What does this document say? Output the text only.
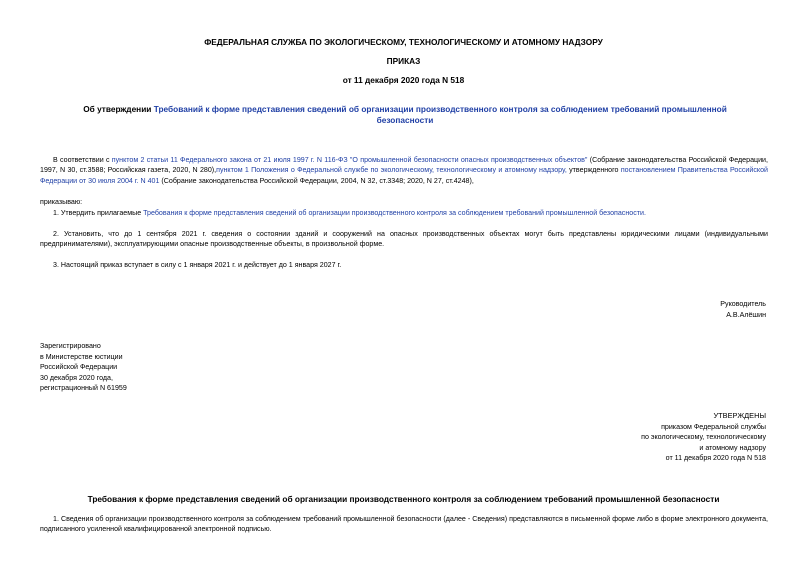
ФЕДЕРАЛЬНАЯ СЛУЖБА ПО ЭКОЛОГИЧЕСКОМУ, ТЕХНОЛОГИЧЕСКОМУ И АТОМНОМУ НАДЗОРУ
ПРИКАЗ
от 11 декабря 2020 года N 518
Об утверждении Требований к форме представления сведений об организации производственного контроля за соблюдением требований промышленной безопасности
В соответствии с пунктом 2 статьи 11 Федерального закона от 21 июля 1997 г. N 116-ФЗ "О промышленной безопасности опасных производственных объектов" (Собрание законодательства Российской Федерации, 1997, N 30, ст.3588; Российская газета, 2020, N 280),пунктом 1 Положения о Федеральной службе по экологическому, технологическому и атомному надзору, утвержденного постановлением Правительства Российской Федерации от 30 июля 2004 г. N 401 (Собрание законодательства Российской Федерации, 2004, N 32, ст.3348; 2020, N 27, ст.4248),
приказываю:
1. Утвердить прилагаемые Требования к форме представления сведений об организации производственного контроля за соблюдением требований промышленной безопасности.
2. Установить, что до 1 сентября 2021 г. сведения о состоянии зданий и сооружений на опасных производственных объектах могут быть представлены юридическими лицами (индивидуальными предпринимателями), эксплуатирующими опасные производственные объекты, в произвольной форме.
3. Настоящий приказ вступает в силу с 1 января 2021 г. и действует до 1 января 2027 г.
Руководитель
А.В.Алёшин
Зарегистрировано
в Министерстве юстиции
Российской Федерации
30 декабря 2020 года,
регистрационный N 61959
УТВЕРЖДЕНЫ
приказом Федеральной службы
по экологическому, технологическому
и атомному надзору
от 11 декабря 2020 года N 518
Требования к форме представления сведений об организации производственного контроля за соблюдением требований промышленной безопасности
1. Сведения об организации производственного контроля за соблюдением требований промышленной безопасности (далее - Сведения) представляются в письменной форме либо в форме электронного документа, подписанного усиленной квалифицированной электронной подписью.
